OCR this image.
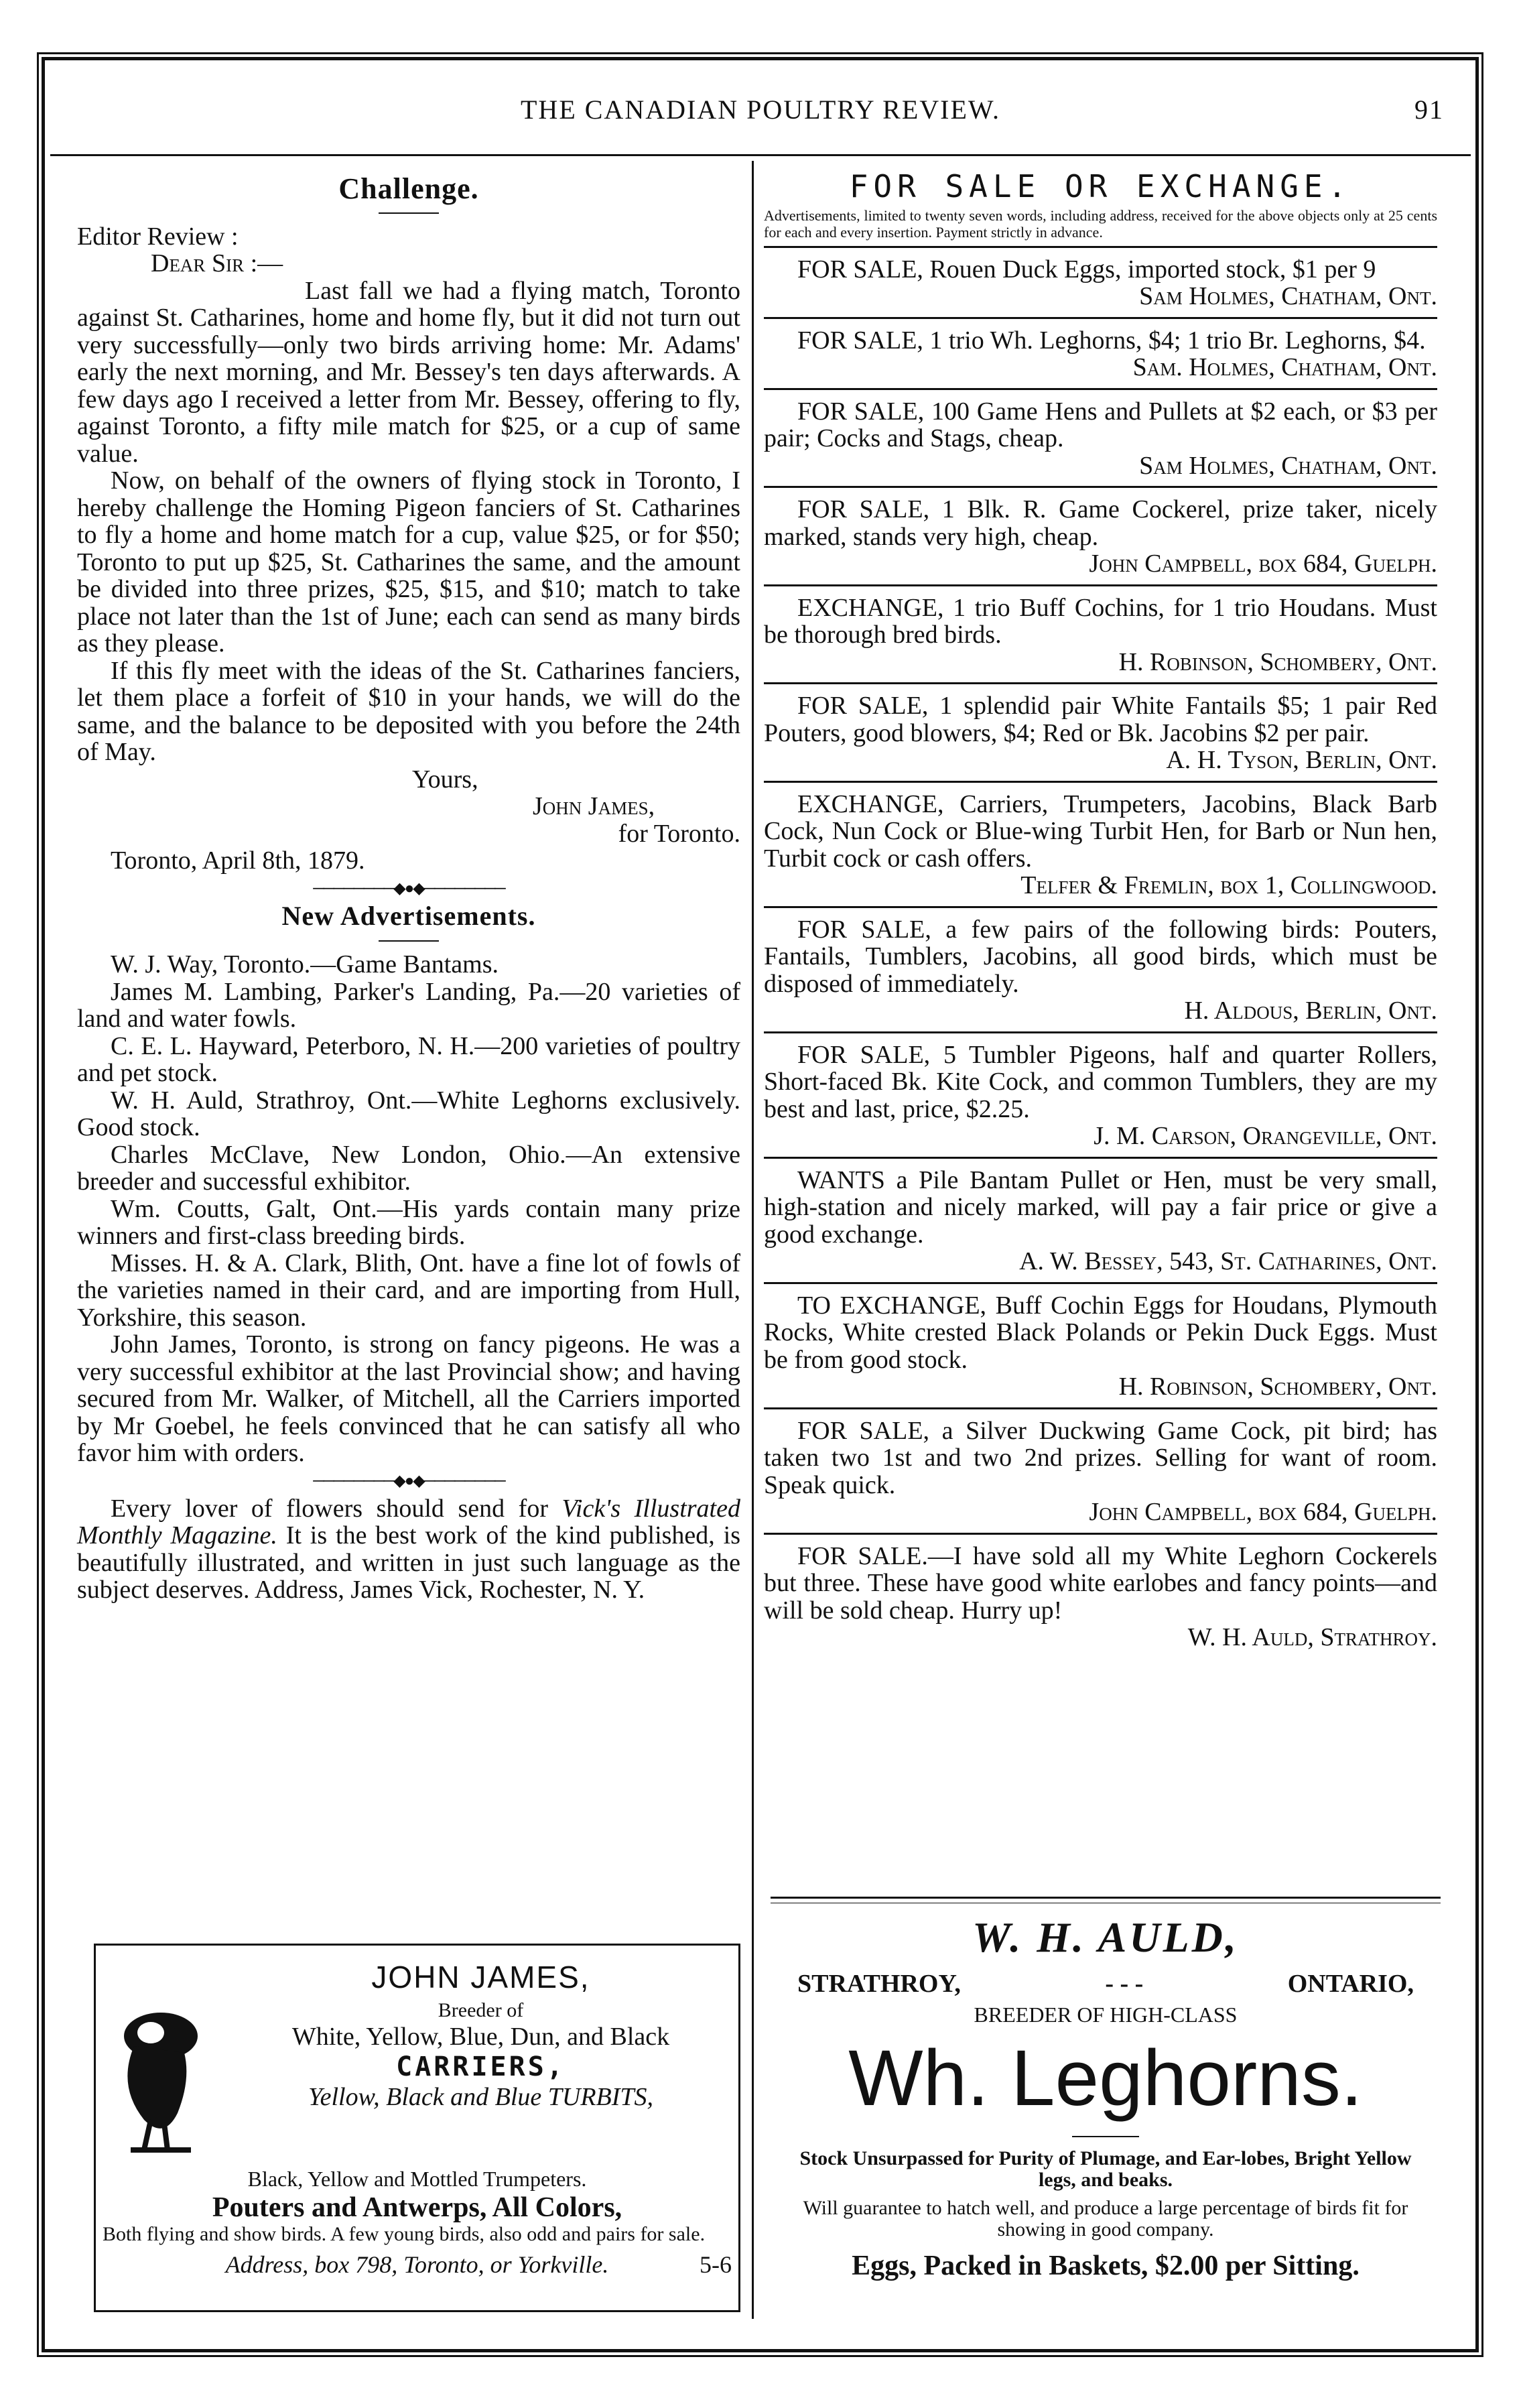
THE CANADIAN POULTRY REVIEW.	91
Challenge.

Editor Review :

Dear Sir :—

Last fall we had a flying match, Toronto against St. Catharines, home and home fly, but it did not turn out very successfully—only two birds arriving home: Mr. Adams' early the next morning, and Mr. Bessey's ten days afterwards. A few days ago I received a letter from Mr. Bessey, offering to fly, against Toronto, a fifty mile match for $25, or a cup of same value.

Now, on behalf of the owners of flying stock in Toronto, I hereby challenge the Homing Pigeon fanciers of St. Catharines to fly a home and home match for a cup, value $25, or for $50; Toronto to put up $25, St. Catharines the same, and the amount be divided into three prizes, $25, $15, and $10; match to take place not later than the 1st of June; each can send as many birds as they please.

If this fly meet with the ideas of the St. Catharines fanciers, let them place a forfeit of $10 in your hands, we will do the same, and the balance to be deposited with you before the 24th of May.

Yours,

John James,

for Toronto.

Toronto, April 8th, 1879.

────────◆●◆────────
New Advertisements.

W. J. Way, Toronto.—Game Bantams.

James M. Lambing, Parker's Landing, Pa.—20 varieties of land and water fowls.

C. E. L. Hayward, Peterboro, N. H.—200 varieties of poultry and pet stock.

W. H. Auld, Strathroy, Ont.—White Leghorns exclusively. Good stock.

Charles McClave, New London, Ohio.—An extensive breeder and successful exhibitor.

Wm. Coutts, Galt, Ont.—His yards contain many prize winners and first-class breeding birds.

Misses. H. & A. Clark, Blith, Ont. have a fine lot of fowls of the varieties named in their card, and are importing from Hull, Yorkshire, this season.

John James, Toronto, is strong on fancy pigeons. He was a very successful exhibitor at the last Provincial show; and having secured from Mr. Walker, of Mitchell, all the Carriers imported by Mr Goebel, he feels convinced that he can satisfy all who favor him with orders.

────────◆●◆────────

Every lover of flowers should send for Vick's Illustrated Monthly Magazine. It is the best work of the kind published, is beautifully illustrated, and written in just such language as the subject deserves. Address, James Vick, Rochester, N. Y.

JOHN JAMES,
Breeder of
White, Yellow, Blue, Dun, and Black
CARRIERS,
Yellow, Black and Blue TURBITS,
Black, Yellow and Mottled Trumpeters.
Pouters and Antwerps, All Colors,
Both flying and show birds. A few young birds, also odd and pairs for sale.
Address, box 798, Toronto, or Yorkville.	5-6
FOR SALE OR EXCHANGE.
Advertisements, limited to twenty seven words, including address, received for the above objects only at 25 cents for each and every insertion. Payment strictly in advance.

FOR SALE, Rouen Duck Eggs, imported stock, $1 per 9

Sam Holmes, Chatham, Ont.

FOR SALE, 1 trio Wh. Leghorns, $4; 1 trio Br. Leghorns, $4.

Sam. Holmes, Chatham, Ont.

FOR SALE, 100 Game Hens and Pullets at $2 each, or $3 per pair; Cocks and Stags, cheap.

Sam Holmes, Chatham, Ont.

FOR SALE, 1 Blk. R. Game Cockerel, prize taker, nicely marked, stands very high, cheap.

John Campbell, box 684, Guelph.

EXCHANGE, 1 trio Buff Cochins, for 1 trio Houdans. Must be thorough bred birds.

H. Robinson, Schombery, Ont.

FOR SALE, 1 splendid pair White Fantails $5; 1 pair Red Pouters, good blowers, $4; Red or Bk. Jacobins $2 per pair.

A. H. Tyson, Berlin, Ont.

EXCHANGE, Carriers, Trumpeters, Jacobins, Black Barb Cock, Nun Cock or Blue-wing Turbit Hen, for Barb or Nun hen, Turbit cock or cash offers.

Telfer & Fremlin, box 1, Collingwood.

FOR SALE, a few pairs of the following birds: Pouters, Fantails, Tumblers, Jacobins, all good birds, which must be disposed of immediately.

H. Aldous, Berlin, Ont.

FOR SALE, 5 Tumbler Pigeons, half and quarter Rollers, Short-faced Bk. Kite Cock, and common Tumblers, they are my best and last, price, $2.25.

J. M. Carson, Orangeville, Ont.

WANTS a Pile Bantam Pullet or Hen, must be very small, high-station and nicely marked, will pay a fair price or give a good exchange.

A. W. Bessey, 543, St. Catharines, Ont.

TO EXCHANGE, Buff Cochin Eggs for Houdans, Plymouth Rocks, White crested Black Polands or Pekin Duck Eggs. Must be from good stock.

H. Robinson, Schombery, Ont.

FOR SALE, a Silver Duckwing Game Cock, pit bird; has taken two 1st and two 2nd prizes. Selling for want of room. Speak quick.

John Campbell, box 684, Guelph.

FOR SALE.—I have sold all my White Leghorn Cockerels but three. These have good white earlobes and fancy points—and will be sold cheap. Hurry up!

W. H. Auld, Strathroy.

W. H. AULD,
STRATHROY,	- - -	ONTARIO,
BREEDER OF HIGH-CLASS
Wh. Leghorns.
Stock Unsurpassed for Purity of Plumage, and Ear-lobes, Bright Yellow legs, and beaks.
Will guarantee to hatch well, and produce a large percentage of birds fit for showing in good company.
Eggs, Packed in Baskets, $2.00 per Sitting.
